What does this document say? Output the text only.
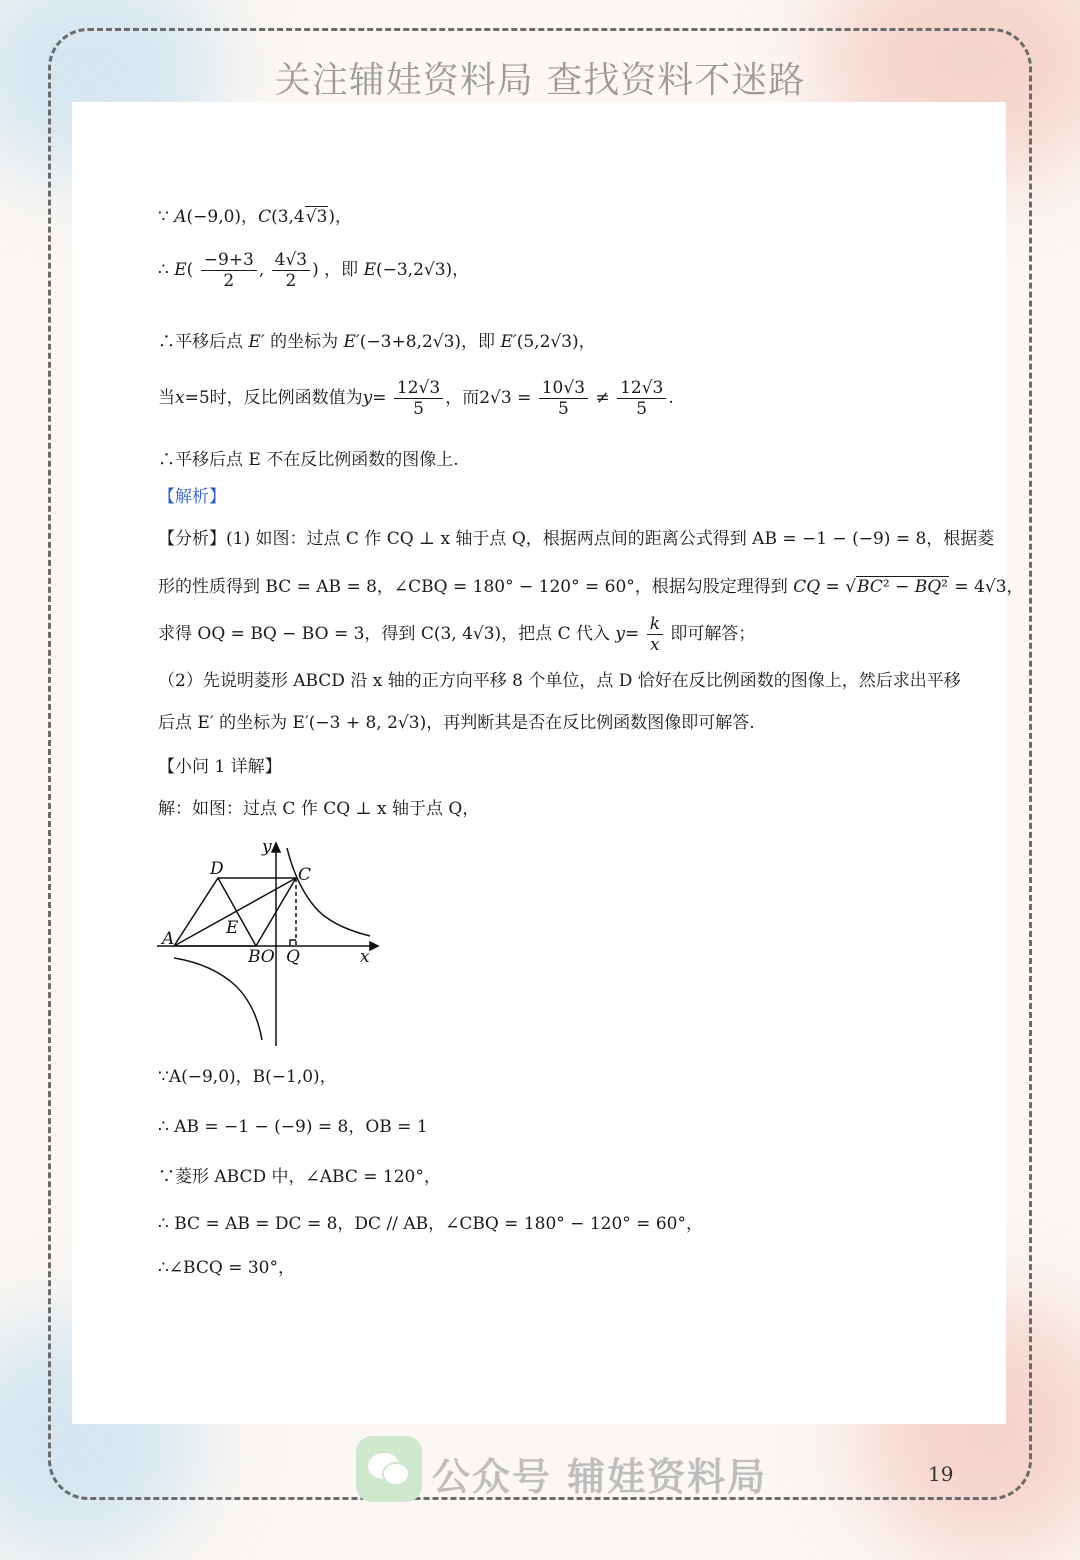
关注辅娃资料局 查找资料不迷路
∵ A(−9,0)，C(3,4√3)，
∴ $E( \frac{-9+3}{2}$ , $\frac{4√3}{2}$ ) ，即 E(−3,2√3)，
∴平移后点 E′ 的坐标为 E′(−3+8,2√3)，即 E′(5,2√3)，
当x=5时，反比例函数值为$y= \frac{12√3}{5}$ ，而$2√3 = \frac{10√3}{5} \ne \frac{12√3}{5}$ .
∴平移后点 E 不在反比例函数的图像上.
【解析】
【分析】(1) 如图：过点 C 作 CQ ⊥ x 轴于点 Q，根据两点间的距离公式得到 AB = −1 − (−9) = 8，根据菱
形的性质得到 BC = AB = 8，∠CBQ = 180° − 120° = 60°，根据勾股定理得到 CQ = √BC² − BQ² = 4√3，
求得 OQ = BQ − BO = 3，得到 C(3, 4√3)，把点 C 代入 $y= \frac{k}{x}$ 即可解答；
（2）先说明菱形 ABCD 沿 x 轴的正方向平移 8 个单位，点 D 恰好在反比例函数的图像上，然后求出平移
后点 E′ 的坐标为 E′(−3 + 8, 2√3)，再判断其是否在反比例函数图像即可解答.
【小问 1 详解】
解：如图：过点 C 作 CQ ⊥ x 轴于点 Q，
y
D	C
E
A
BO Q	x
∵A(−9,0)，B(−1,0)，
∴ AB = −1 − (−9) = 8，OB = 1
∵菱形 ABCD 中，∠ABC = 120°，
∴ BC = AB = DC = 8，DC // AB，∠CBQ = 180° − 120° = 60°，
∴∠BCQ = 30°，
公众号 辅娃资料局	19
